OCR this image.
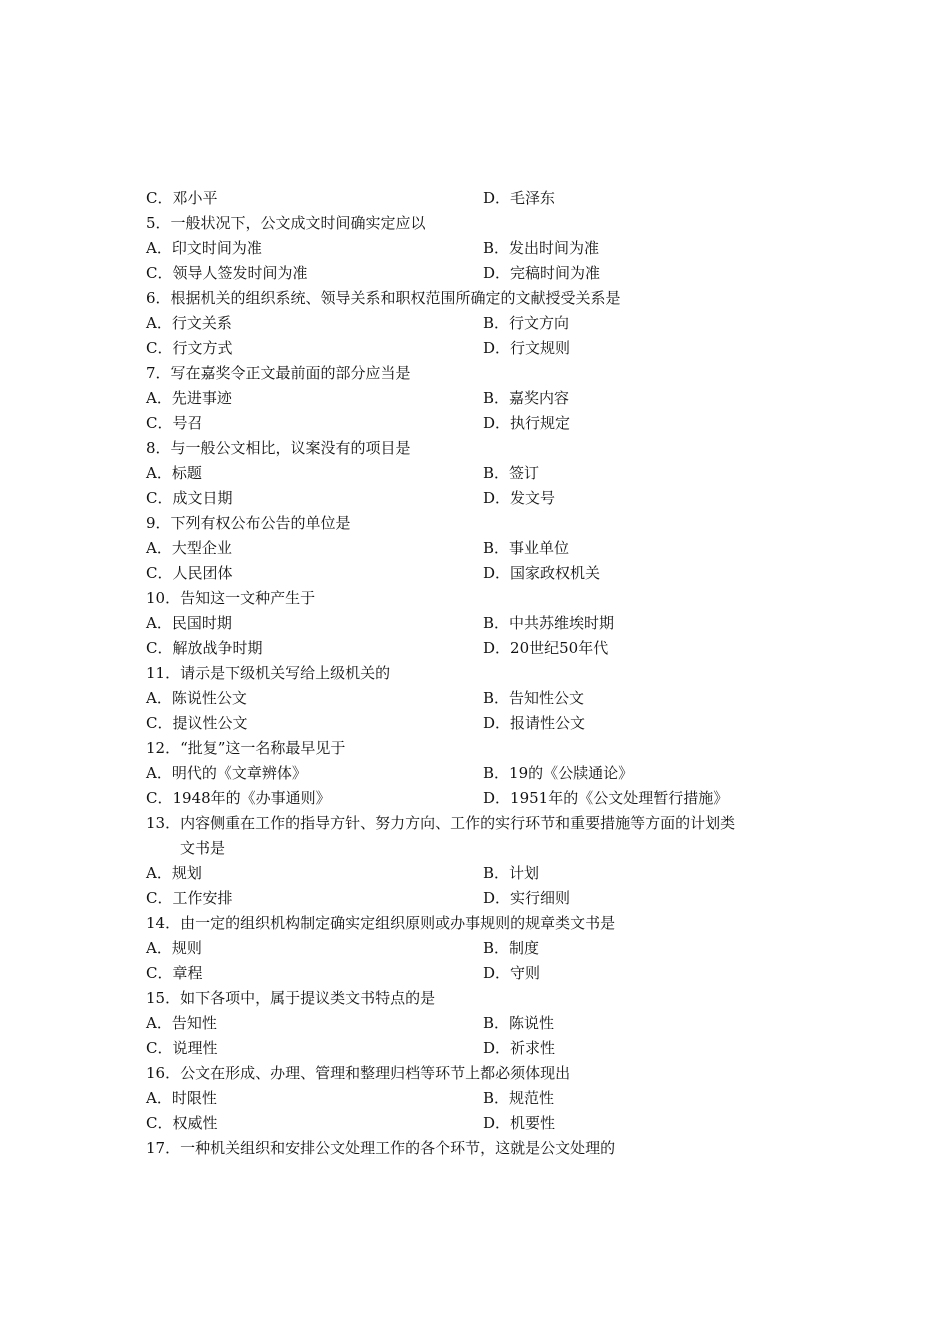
C．邓小平	D．毛泽东
5．一般状况下，公文成文时间确实定应以
A．印文时间为准	B．发出时间为准
C．领导人签发时间为准	D．完稿时间为准
6．根据机关的组织系统、领导关系和职权范围所确定的文献授受关系是
A．行文关系	B．行文方向
C．行文方式	D．行文规则
7．写在嘉奖令正文最前面的部分应当是
A．先进事迹	B．嘉奖内容
C．号召	D．执行规定
8．与一般公文相比，议案没有的项目是
A．标题	B．签订
C．成文日期	D．发文号
9．下列有权公布公告的单位是
A．大型企业	B．事业单位
C．人民团体	D．国家政权机关
10．告知这一文种产生于
A．民国时期	B．中共苏维埃时期
C．解放战争时期	D．20世纪50年代
11．请示是下级机关写给上级机关的
A．陈说性公文	B．告知性公文
C．提议性公文	D．报请性公文
12．“批复”这一名称最早见于
A．明代的《文章辨体》	B．19的《公牍通论》
C．1948年的《办事通则》	D．1951年的《公文处理暂行措施》
13．内容侧重在工作的指导方针、努力方向、工作的实行环节和重要措施等方面的计划类
文书是
A．规划	B．计划
C．工作安排	D．实行细则
14．由一定的组织机构制定确实定组织原则或办事规则的规章类文书是
A．规则	B．制度
C．章程	D．守则
15．如下各项中，属于提议类文书特点的是
A．告知性	B．陈说性
C．说理性	D．祈求性
16．公文在形成、办理、管理和整理归档等环节上都必须体现出
A．时限性	B．规范性
C．权威性	D．机要性
17．一种机关组织和安排公文处理工作的各个环节，这就是公文处理的
